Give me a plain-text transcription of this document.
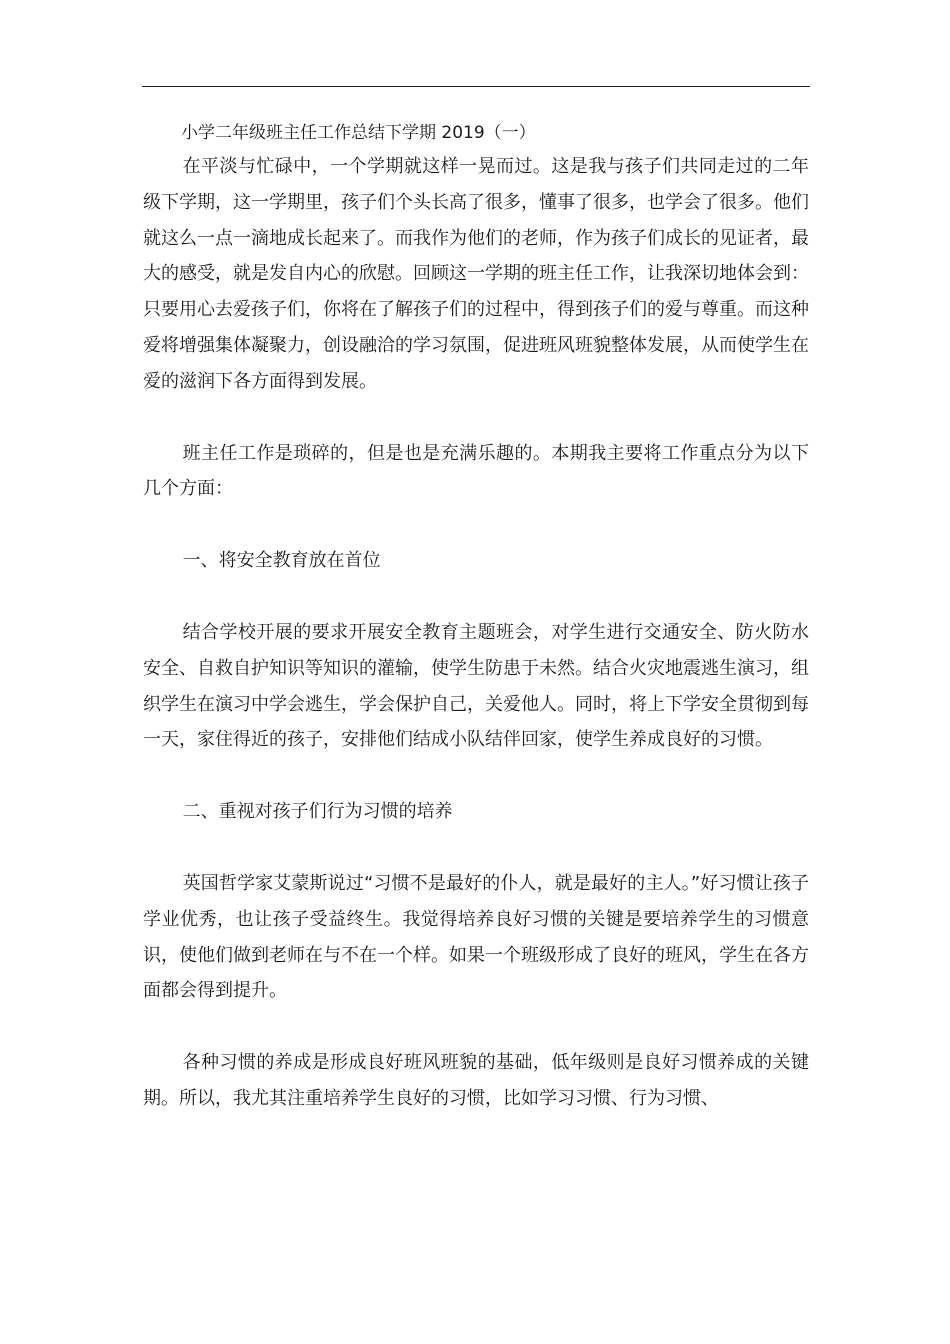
小学二年级班主任工作总结下学期 2019（一）

在平淡与忙碌中，一个学期就这样一晃而过。这是我与孩子们共同走过的二年级下学期，这一学期里，孩子们个头长高了很多，懂事了很多，也学会了很多。他们就这么一点一滴地成长起来了。而我作为他们的老师，作为孩子们成长的见证者，最大的感受，就是发自内心的欣慰。回顾这一学期的班主任工作，让我深切地体会到：只要用心去爱孩子们，你将在了解孩子们的过程中，得到孩子们的爱与尊重。而这种爱将增强集体凝聚力，创设融洽的学习氛围，促进班风班貌整体发展，从而使学生在爱的滋润下各方面得到发展。

班主任工作是琐碎的，但是也是充满乐趣的。本期我主要将工作重点分为以下几个方面：

一、将安全教育放在首位

结合学校开展的要求开展安全教育主题班会，对学生进行交通安全、防火防水安全、自救自护知识等知识的灌输，使学生防患于未然。结合火灾地震逃生演习，组织学生在演习中学会逃生，学会保护自己，关爱他人。同时，将上下学安全贯彻到每一天，家住得近的孩子，安排他们结成小队结伴回家，使学生养成良好的习惯。

二、重视对孩子们行为习惯的培养

英国哲学家艾蒙斯说过“习惯不是最好的仆人，就是最好的主人。”好习惯让孩子学业优秀，也让孩子受益终生。我觉得培养良好习惯的关键是要培养学生的习惯意识，使他们做到老师在与不在一个样。如果一个班级形成了良好的班风，学生在各方面都会得到提升。

各种习惯的养成是形成良好班风班貌的基础，低年级则是良好习惯养成的关键期。所以，我尤其注重培养学生良好的习惯，比如学习习惯、行为习惯、
